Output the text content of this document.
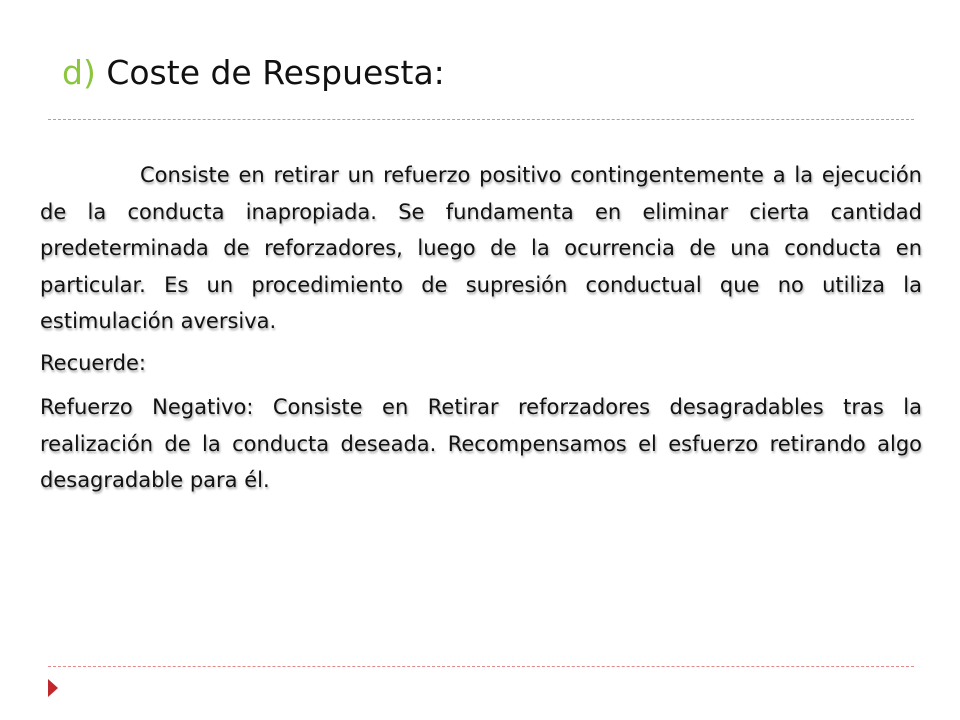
d) Coste de Respuesta:

Consiste en retirar un refuerzo positivo contingentemente a la ejecución de la conducta inapropiada. Se fundamenta en eliminar cierta cantidad predeterminada de reforzadores, luego de la ocurrencia de una conducta en particular. Es un procedimiento de supresión conductual que no utiliza la estimulación aversiva.

Recuerde:

Refuerzo Negativo: Consiste en Retirar reforzadores desagradables tras la realización de la conducta deseada. Recompensamos el esfuerzo retirando algo desagradable para él.
